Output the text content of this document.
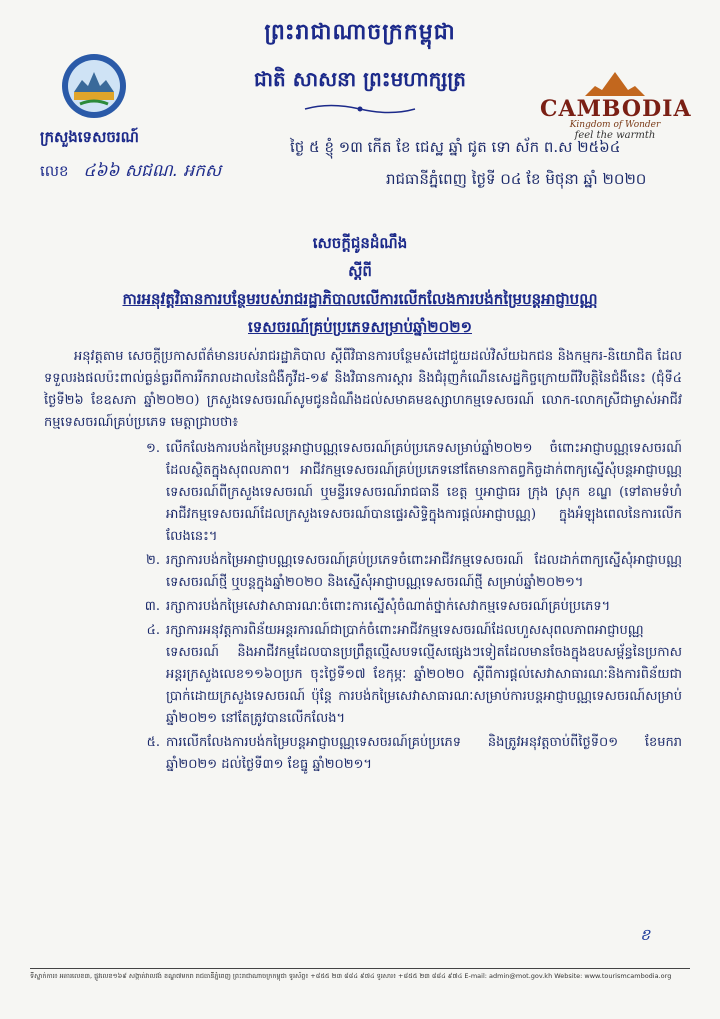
ព្រះរាជាណាចក្រកម្ពុជា
ជាតិ សាសនា ព្រះមហាក្សត្រ
ក្រសួងទេសចរណ៍
លេខ ៤៦៦ សជណ. អកស
CAMBODIA
Kingdom of Wonder
feel the warmth
ថ្ងៃ ៥ ខ្ញុំ ១៣ កើត ខែ ជេស្ឋ ឆ្នាំ ជូត ទោ ស័ក ព.ស ២៥៦៤
រាជធានីភ្នំពេញ ថ្ងៃទី ០៤ ខែ មិថុនា ឆ្នាំ ២០២០
សេចក្តីជូនដំណឹង
ស្តីពី
ការអនុវត្តវិធានការបន្ថែមរបស់រាជរដ្ឋាភិបាលលើការលើកលែងការបង់កម្រៃបន្តអាជ្ញាបណ្ណ
ទេសចរណ៍គ្រប់ប្រភេទសម្រាប់ឆ្នាំ២០២១

អនុវត្តតាម សេចក្តីប្រកាសព័ត៌មានរបស់រាជរដ្ឋាភិបាល ស្តីពីវិធានការបន្ថែមសំដៅជួយដល់វិស័យឯកជន និងកម្មករ-និយោជិត ដែលទទួលរងផលប៉ះពាល់ធ្ងន់ធ្ងរពីការរីករាលដាលនៃជំងឺកូវីដ-១៩ និងវិធានការស្តារ និងជំរុញកំណើនសេដ្ឋកិច្ចក្រោយពីវិបត្តិនៃជំងឺនេះ (ជុំទី៤ ថ្ងៃទី២៦ ខែឧសភា ឆ្នាំ២០២០) ក្រសួងទេសចរណ៍សូមជូនដំណឹងដល់សមាគមឧស្សាហកម្មទេសចរណ៍ លោក-លោកស្រីជាម្ចាស់អាជីវកម្មទេសចរណ៍គ្រប់ប្រភេទ មេត្តាជ្រាបថា៖

១. លើកលែងការបង់កម្រៃបន្តអាជ្ញាបណ្ណទេសចរណ៍គ្រប់ប្រភេទសម្រាប់ឆ្នាំ២០២១ ចំពោះអាជ្ញាបណ្ណទេសចរណ៍ដែលស្ថិតក្នុងសុពលភាព។ អាជីវកម្មទេសចរណ៍គ្រប់ប្រភេទនៅតែមានកាតព្វកិច្ចដាក់ពាក្យស្នើសុំបន្តអាជ្ញាបណ្ណទេសចរណ៍ពីក្រសួងទេសចរណ៍ ឬមន្ទីរទេសចរណ៍រាជធានី ខេត្ត ឬអាជ្ញាធរ ក្រុង ស្រុក ខណ្ឌ (ទៅតាមទំហំអាជីវកម្មទេសចរណ៍ដែលក្រសួងទេសចរណ៍បានផ្ទេរសិទ្ធិក្នុងការផ្តល់អាជ្ញាបណ្ណ) ក្នុងអំឡុងពេលនៃការលើកលែងនេះ។
២. រក្សាការបង់កម្រៃអាជ្ញាបណ្ណទេសចរណ៍គ្រប់ប្រភេទចំពោះអាជីវកម្មទេសចរណ៍ ដែលដាក់ពាក្យស្នើសុំអាជ្ញាបណ្ណទេសចរណ៍ថ្មី ឬបន្តក្នុងឆ្នាំ២០២០ និងស្នើសុំអាជ្ញាបណ្ណទេសចរណ៍ថ្មី សម្រាប់ឆ្នាំ២០២១។
៣. រក្សាការបង់កម្រៃសេវាសាធារណៈចំពោះការស្នើសុំចំណាត់ថ្នាក់សេវាកម្មទេសចរណ៍គ្រប់ប្រភេទ។
៤. រក្សាការអនុវត្តការពិន័យអន្តរការណ៍ជាប្រាក់ចំពោះអាជីវកម្មទេសចរណ៍ដែលហួសសុពលភាពអាជ្ញាបណ្ណទេសចរណ៍ និងអាជីវកម្មដែលបានប្រព្រឹត្តល្មើសបទល្មើសផ្សេងៗទៀតដែលមានចែងក្នុងឧបសម្ព័ន្ធនៃប្រកាសអន្តរក្រសួងលេខ១១៦០ប្រក ចុះថ្ងៃទី១៧ ខែកុម្ភៈ ឆ្នាំ២០២០ ស្តីពីការផ្តល់សេវាសាធារណៈនិងការពិន័យជាប្រាក់ដោយក្រសួងទេសចរណ៍ ប៉ុន្តែ ការបង់កម្រៃសេវាសាធារណៈសម្រាប់ការបន្តអាជ្ញាបណ្ណទេសចរណ៍សម្រាប់ឆ្នាំ២០២១ នៅតែត្រូវបានលើកលែង។
៥. ការលើកលែងការបង់កម្រៃបន្តអាជ្ញាបណ្ណទេសចរណ៍គ្រប់ប្រភេទ និងត្រូវអនុវត្តចាប់ពីថ្ងៃទី០១ ខែមករា ឆ្នាំ២០២១ ដល់ថ្ងៃទី៣១ ខែធ្នូ ឆ្នាំ២០២១។
ខ
ទីស្នាក់ការ៖ អគារលេខ៣, ផ្លូវលេខ១៦៩ សង្កាត់វាលវង់ ខណ្ឌ៧មករា រាជធានីភ្នំពេញ ព្រះរាជាណាចក្រកម្ពុជា ទូរស័ព្ទ៖ +៨៥៥ ២៣ ៨៨៤ ៩៧៤ ទូរសារ៖ +៨៥៥ ២៣ ៨៨៤ ៩៧៤ E-mail: admin@mot.gov.kh Website: www.tourismcambodia.org
